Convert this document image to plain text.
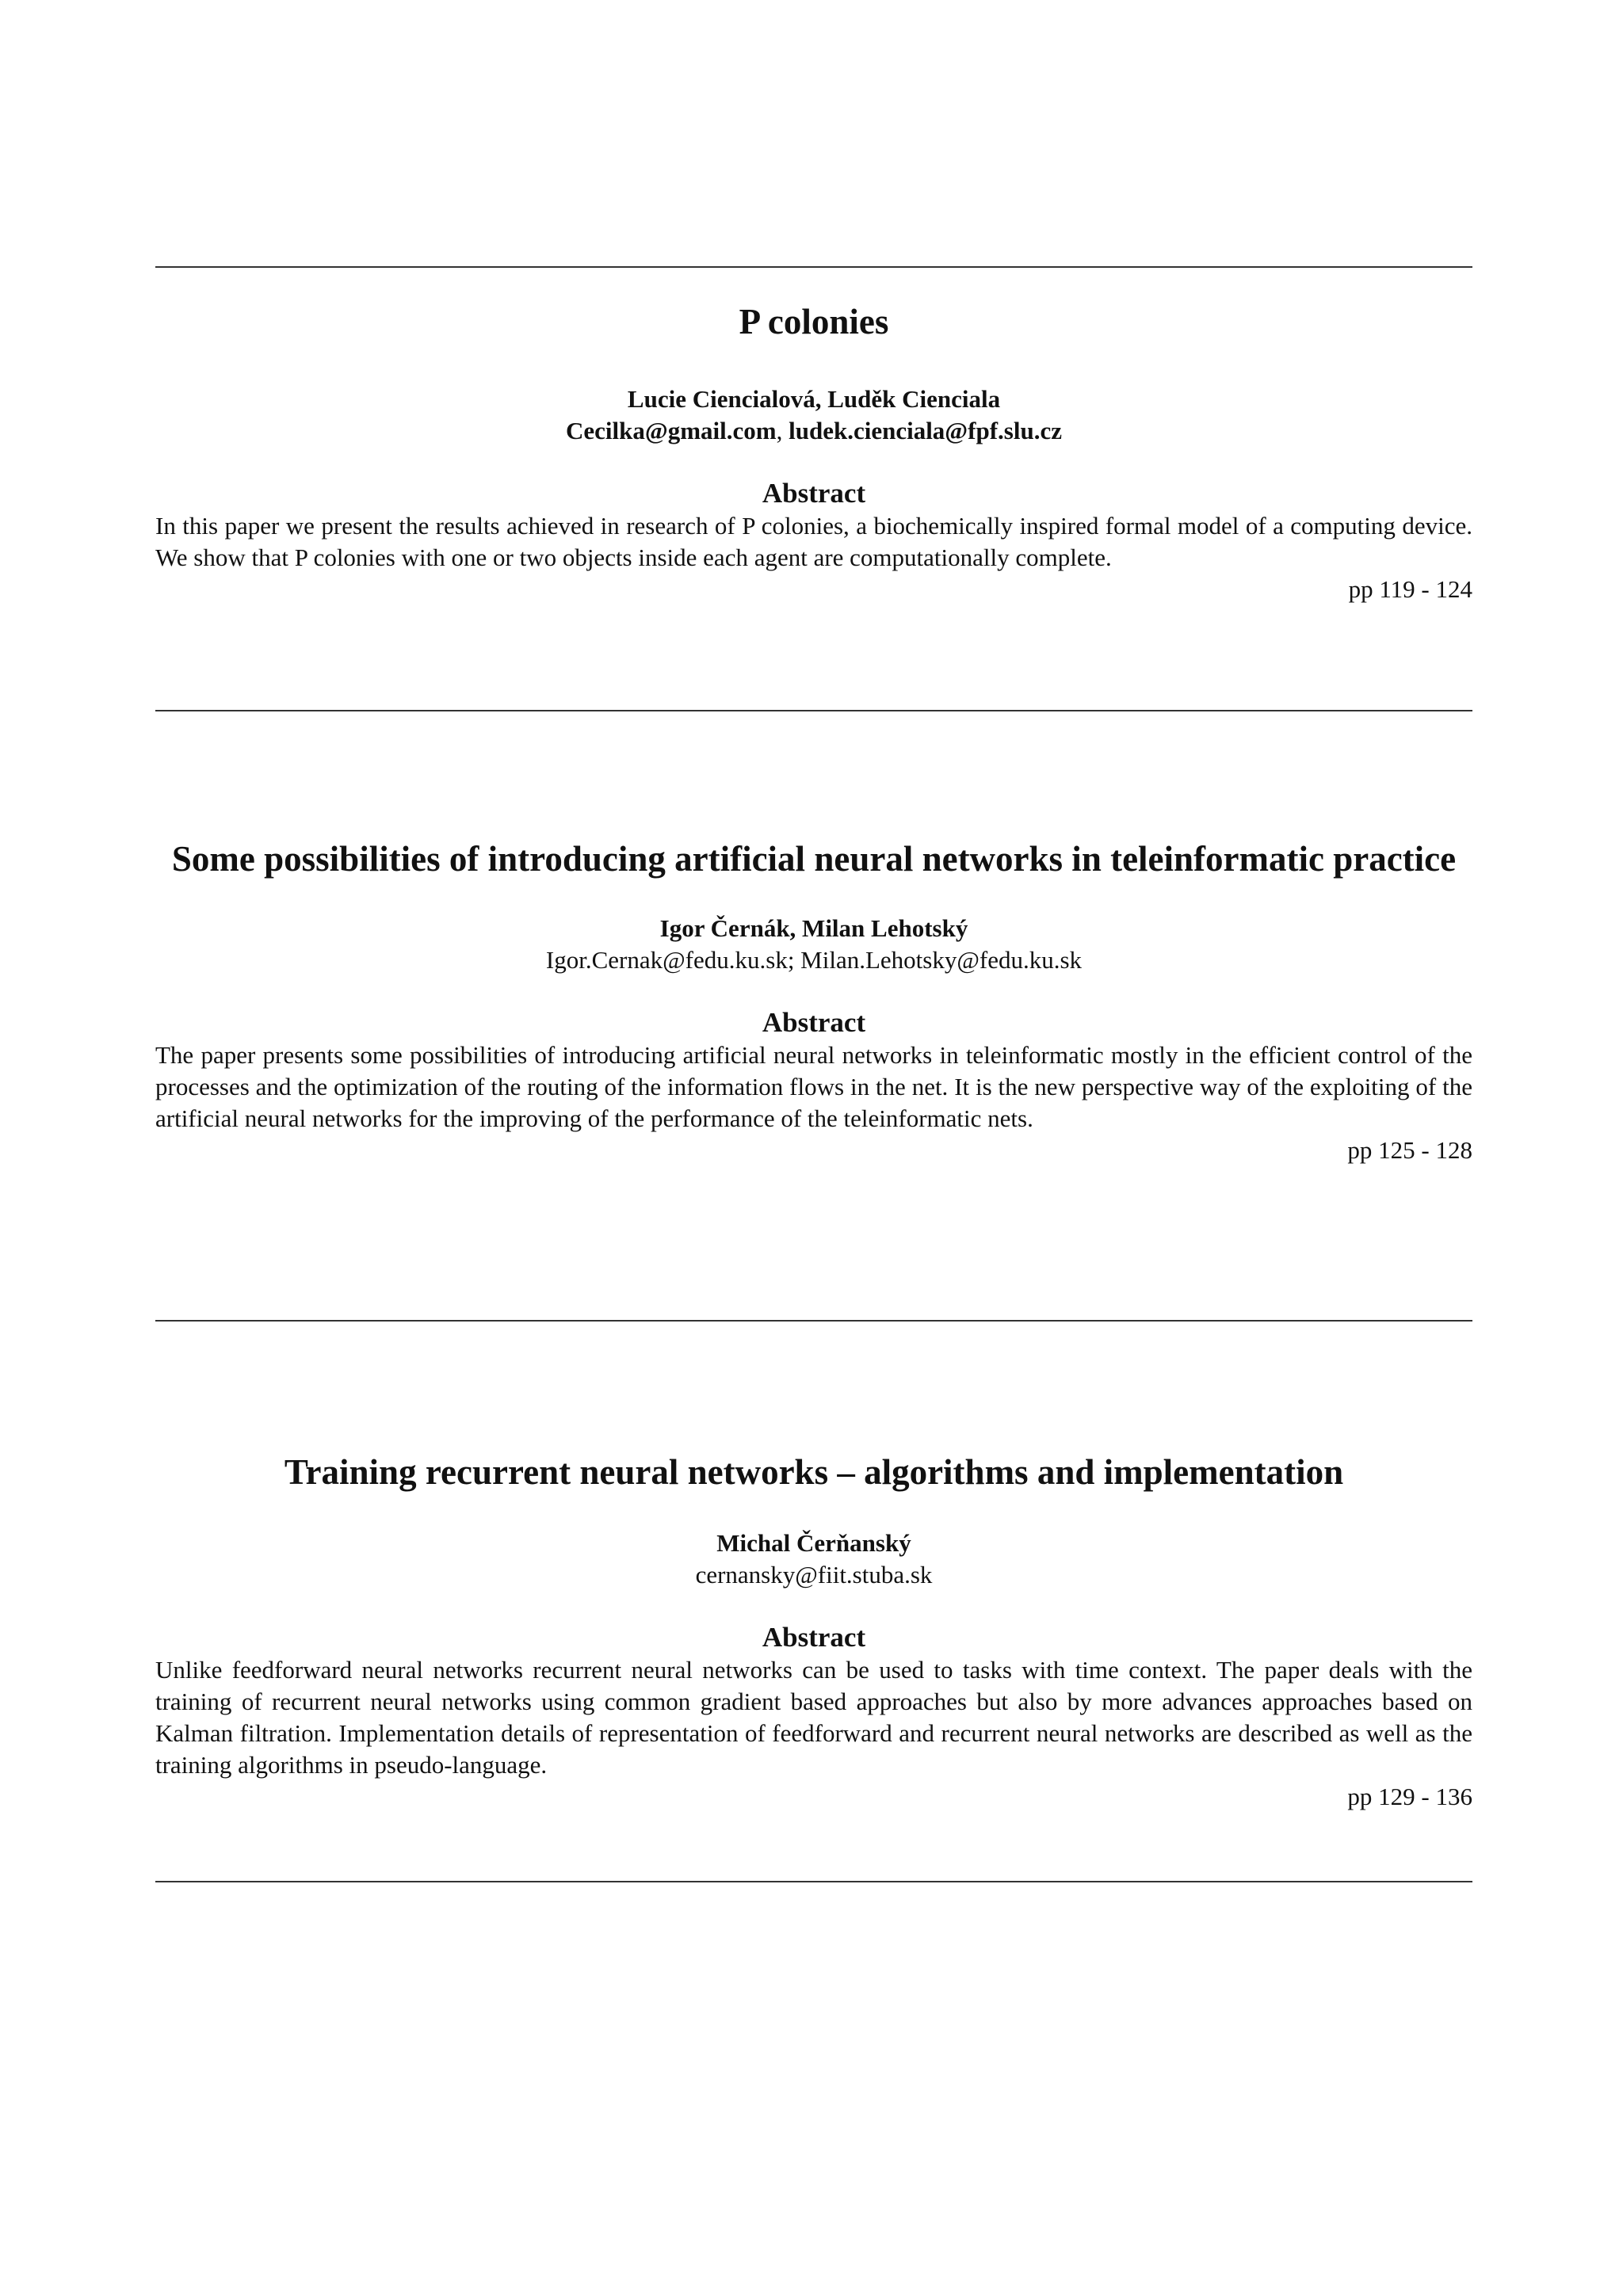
P colonies
Lucie Ciencialová, Luděk Cienciala
Cecilka@gmail.com, ludek.cienciala@fpf.slu.cz
Abstract
In this paper we present the results achieved in research of P colonies, a biochemically inspired formal model of a computing device. We show that P colonies with one or two objects inside each agent are computationally complete.
pp 119 - 124
Some possibilities of introducing artificial neural networks in teleinformatic practice
Igor Černák, Milan Lehotský
Igor.Cernak@fedu.ku.sk; Milan.Lehotsky@fedu.ku.sk
Abstract
The paper presents some possibilities of introducing artificial neural networks in teleinformatic mostly in the efficient control of the processes and the optimization of the routing of the information flows in the net. It is the new perspective way of the exploiting of the artificial neural networks for the improving of the performance of the teleinformatic nets.
pp 125 - 128
Training recurrent neural networks – algorithms and implementation
Michal Čerňanský
cernansky@fiit.stuba.sk
Abstract
Unlike feedforward neural networks recurrent neural networks can be used to tasks with time context. The paper deals with the training of recurrent neural networks using common gradient based approaches but also by more advances approaches based on Kalman filtration. Implementation details of representation of feedforward and recurrent neural networks are described as well as the training algorithms in pseudo-language.
pp 129 - 136
